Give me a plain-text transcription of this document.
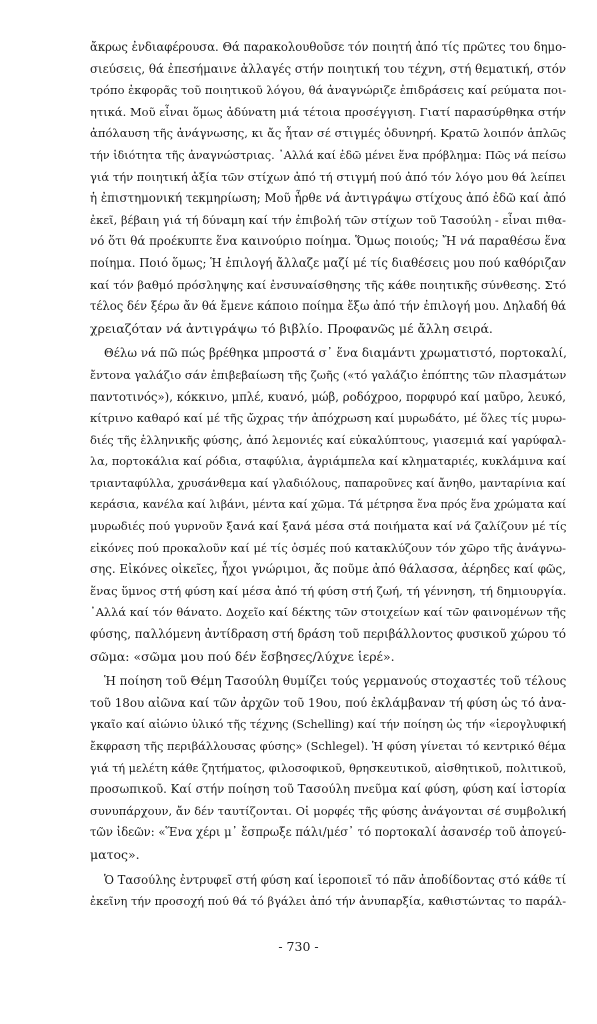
ἄκρως ἐνδιαφέρουσα. Θά παρακολουθοῦσε τόν ποιητή ἀπό τίς πρῶτες του δημο-
σιεύσεις, θά ἐπεσήμαινε ἀλλαγές στήν ποιητική του τέχνη, στή θεματική, στόν
τρόπο ἐκφορᾶς τοῦ ποιητικοῦ λόγου, θά ἀναγνώριζε ἐπιδράσεις καί ρεύματα ποι-
ητικά. Μοῦ εἶναι ὅμως ἀδύνατη μιά τέτοια προσέγγιση. Γιατί παρασύρθηκα στήν
ἀπόλαυση τῆς ἀνάγνωσης, κι ἄς ἦταν σέ στιγμές ὀδυνηρή. Κρατῶ λοιπόν ἁπλῶς
τήν ἰδιότητα τῆς ἀναγνώστριας. ᾿Αλλά καί ἐδῶ μένει ἕνα πρόβλημα: Πῶς νά πείσω
γιά τήν ποιητική ἀξία τῶν στίχων ἀπό τή στιγμή πού ἀπό τόν λόγο μου θά λείπει
ἡ ἐπιστημονική τεκμηρίωση; Μοῦ ἦρθε νά ἀντιγράψω στίχους ἀπό ἐδῶ καί ἀπό
ἐκεῖ, βέβαιη γιά τή δύναμη καί τήν ἐπιβολή τῶν στίχων τοῦ Τασούλη - εἶναι πιθα-
νό ὅτι θά προέκυπτε ἕνα καινούριο ποίημα. Ὅμως ποιούς; Ἤ νά παραθέσω ἕνα
ποίημα. Ποιό ὅμως; Ἡ ἐπιλογή ἄλλαζε μαζί μέ τίς διαθέσεις μου πού καθόριζαν
καί τόν βαθμό πρόσληψης καί ἐνσυναίσθησης τῆς κάθε ποιητικῆς σύνθεσης. Στό
τέλος δέν ξέρω ἄν θά ἔμενε κάποιο ποίημα ἔξω ἀπό τήν ἐπιλογή μου. Δηλαδή θά
χρειαζόταν νά ἀντιγράψω τό βιβλίο. Προφανῶς μέ ἄλλη σειρά.
Θέλω νά πῶ πώς βρέθηκα μπροστά σ᾿ ἕνα διαμάντι χρωματιστό, πορτοκαλί,
ἔντονα γαλάζιο σάν ἐπιβεβαίωση τῆς ζωῆς («τό γαλάζιο ἐπόπτης τῶν πλασμάτων
παντοτινός»), κόκκινο, μπλέ, κυανό, μώβ, ροδόχροο, πορφυρό καί μαῦρο, λευκό,
κίτρινο καθαρό καί μέ τῆς ὤχρας τήν ἀπόχρωση καί μυρωδάτο, μέ ὅλες τίς μυρω-
διές τῆς ἑλληνικῆς φύσης, ἀπό λεμονιές καί εὐκαλύπτους, γιασεμιά καί γαρύφαλ-
λα, πορτοκάλια καί ρόδια, σταφύλια, ἀγριάμπελα καί κληματαριές, κυκλάμινα καί
τριανταφύλλα, χρυσάνθεμα καί γλαδιόλους, παπαροῦνες καί ἄνηθο, μανταρίνια καί
κεράσια, κανέλα καί λιβάνι, μέντα καί χῶμα. Τά μέτρησα ἕνα πρός ἕνα χρώματα καί
μυρωδιές πού γυρνοῦν ξανά καί ξανά μέσα στά ποιήματα καί νά ζαλίζουν μέ τίς
εἰκόνες πού προκαλοῦν καί μέ τίς ὀσμές πού κατακλύζουν τόν χῶρο τῆς ἀνάγνω-
σης. Εἰκόνες οἰκεῖες, ἦχοι γνώριμοι, ἄς ποῦμε ἀπό θάλασσα, ἀέρηδες καί φῶς,
ἕνας ὕμνος στή φύση καί μέσα ἀπό τή φύση στή ζωή, τή γέννηση, τή δημιουργία.
᾿Αλλά καί τόν θάνατο. Δοχεῖο καί δέκτης τῶν στοιχείων καί τῶν φαινομένων τῆς
φύσης, παλλόμενη ἀντίδραση στή δράση τοῦ περιβάλλοντος φυσικοῦ χώρου τό
σῶμα: «σῶμα μου πού δέν ἔσβησες/λύχνε ἱερέ».
Ἡ ποίηση τοῦ Θέμη Τασούλη θυμίζει τούς γερμανούς στοχαστές τοῦ τέλους
τοῦ 18ου αἰῶνα καί τῶν ἀρχῶν τοῦ 19ου, πού ἐκλάμβαναν τή φύση ὡς τό ἀνα-
γκαῖο καί αἰώνιο ὑλικό τῆς τέχνης (Schelling) καί τήν ποίηση ὡς τήν «ἱερογλυφική
ἔκφραση τῆς περιβάλλουσας φύσης» (Schlegel). Ἡ φύση γίνεται τό κεντρικό θέμα
γιά τή μελέτη κάθε ζητήματος, φιλοσοφικοῦ, θρησκευτικοῦ, αἰσθητικοῦ, πολιτικοῦ,
προσωπικοῦ. Καί στήν ποίηση τοῦ Τασούλη πνεῦμα καί φύση, φύση καί ἱστορία
συνυπάρχουν, ἄν δέν ταυτίζονται. Οἱ μορφές τῆς φύσης ἀνάγονται σέ συμβολική
τῶν ἰδεῶν: «Ἕνα χέρι μ᾿ ἔσπρωξε πάλι/μέσ᾿ τό πορτοκαλί ἀσανσέρ τοῦ ἀπογεύ-
ματος».
Ὁ Τασούλης ἐντρυφεῖ στή φύση καί ἱεροποιεῖ τό πᾶν ἀποδίδοντας στό κάθε τί
ἐκεῖνη τήν προσοχή πού θά τό βγάλει ἀπό τήν ἀνυπαρξία, καθιστώντας το παράλ-
- 730 -
